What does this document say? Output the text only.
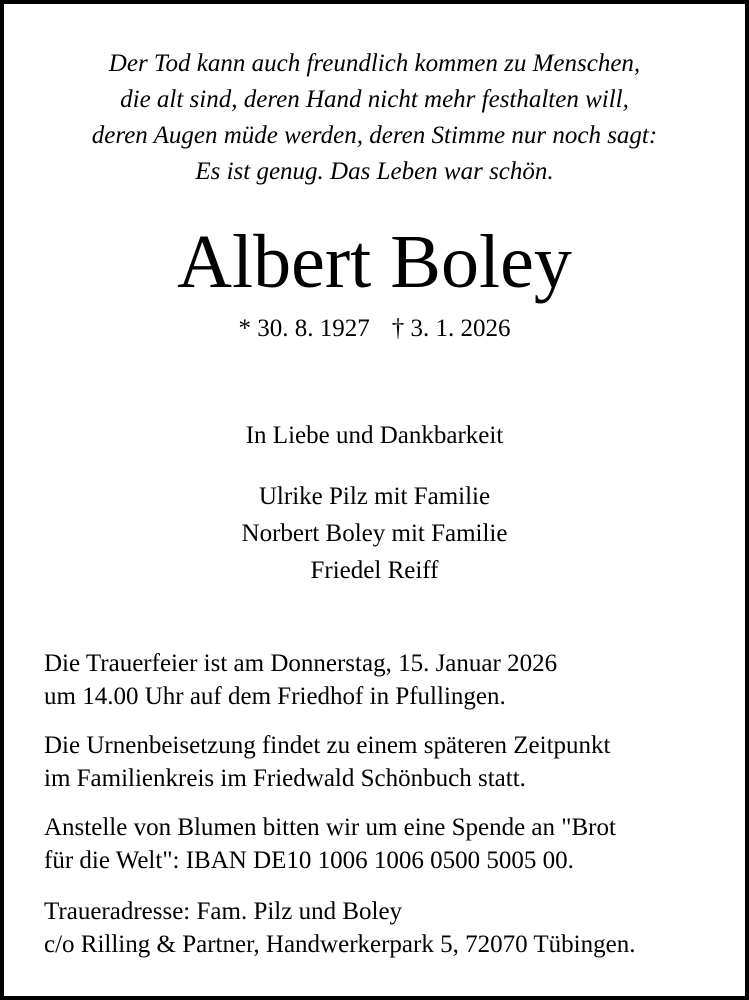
Der Tod kann auch freundlich kommen zu Menschen,
die alt sind, deren Hand nicht mehr festhalten will,
deren Augen müde werden, deren Stimme nur noch sagt:
Es ist genug. Das Leben war schön.
Albert Boley
* 30. 8. 1927 † 3. 1. 2026
In Liebe und Dankbarkeit
Ulrike Pilz mit Familie
Norbert Boley mit Familie
Friedel Reiff
Die Trauerfeier ist am Donnerstag, 15. Januar 2026
um 14.00 Uhr auf dem Friedhof in Pfullingen.
Die Urnenbeisetzung findet zu einem späteren Zeitpunkt
im Familienkreis im Friedwald Schönbuch statt.
Anstelle von Blumen bitten wir um eine Spende an "Brot
für die Welt": IBAN DE10 1006 1006 0500 5005 00.
Traueradresse: Fam. Pilz und Boley
c/o Rilling & Partner, Handwerkerpark 5, 72070 Tübingen.
